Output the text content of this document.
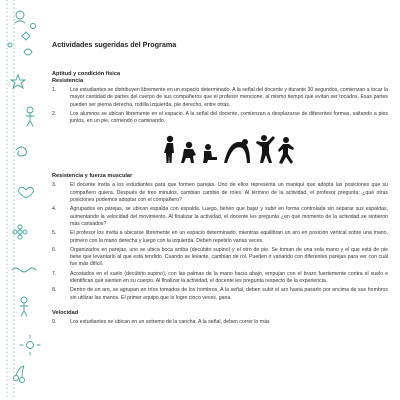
Actividades sugeridas del Programa
Aptitud y condición física
Resistencia
1.	Los estudiantes se distribuyen libremente en un espacio determinado. A la señal del docente y durante 30 segundos, comienzan a tocar la mayor cantidad de partes del cuerpo de sus compañeros que el profesor mencione, al mismo tiempo que evitan ser tocados. Esas partes pueden ser pierna derecha, rodilla izquierda, pie derecho, entre otras.
2.	Los alumnos se ubican libremente en el espacio. A la señal del docente, comienzan a desplazarse de diferentes formas, saltando a pies juntos, en un pie, corriendo o caminando.
Resistencia y fuerza muscular
3.	El docente invita a los estudiantes para que formen parejas. Uno de ellos representa un maniquí que adopta las posiciones que su compañero quiera. Después de tres minutos, cambian cambio de roles. Al término de la actividad, el profesor pregunta: ¿qué otras posiciones podemos adoptar con el compañero?
4.	Agrupados en parejas, se ubican espalda con espalda. Luego, tienen que bajar y subir en forma controlada sin separar sus espaldas, aumentando la velocidad del movimiento. Al finalizar la actividad, el docente les pregunta ¿en qué momento de la actividad se sintieron más cansados?
5.	El profesor los invita a ubicarse libremente en un espacio determinado, mientras equilibran un aro en posición vertical sobre una mano, primero con la mano derecha y luego con la izquierda. Deben repetirlo varias veces.
6.	Organizados en parejas, uno se ubica boca arriba (decúbito supino) y el otro de pie. Se toman de una sola mano y el que está de pie tiene que levantarlo al que está tendido. Cuando se levante, cambian de rol. Pueden ir variando con diferentes parejas para ver con cuál fue más difícil.
7.	Acostados en el suelo (decúbito supino), con las palmas de la mano hacia abajo, empujan con el brazo fuertemente contra el suelo e identifican qué sienten en su cuerpo. Al finalizar la actividad, el docente les pregunta respecto de la experiencia.
8.	Dentro de un aro, se agrupan en tríos tomados de los hombros. A la señal, deben subir el aro hasta pasarlo por encima de sus hombros sin utilizar las manos. El primer equipo que lo logre cinco veces, gana.
Velocidad
9.	Los estudiantes se ubican en un extremo de la cancha. A la señal, deben correr lo más
